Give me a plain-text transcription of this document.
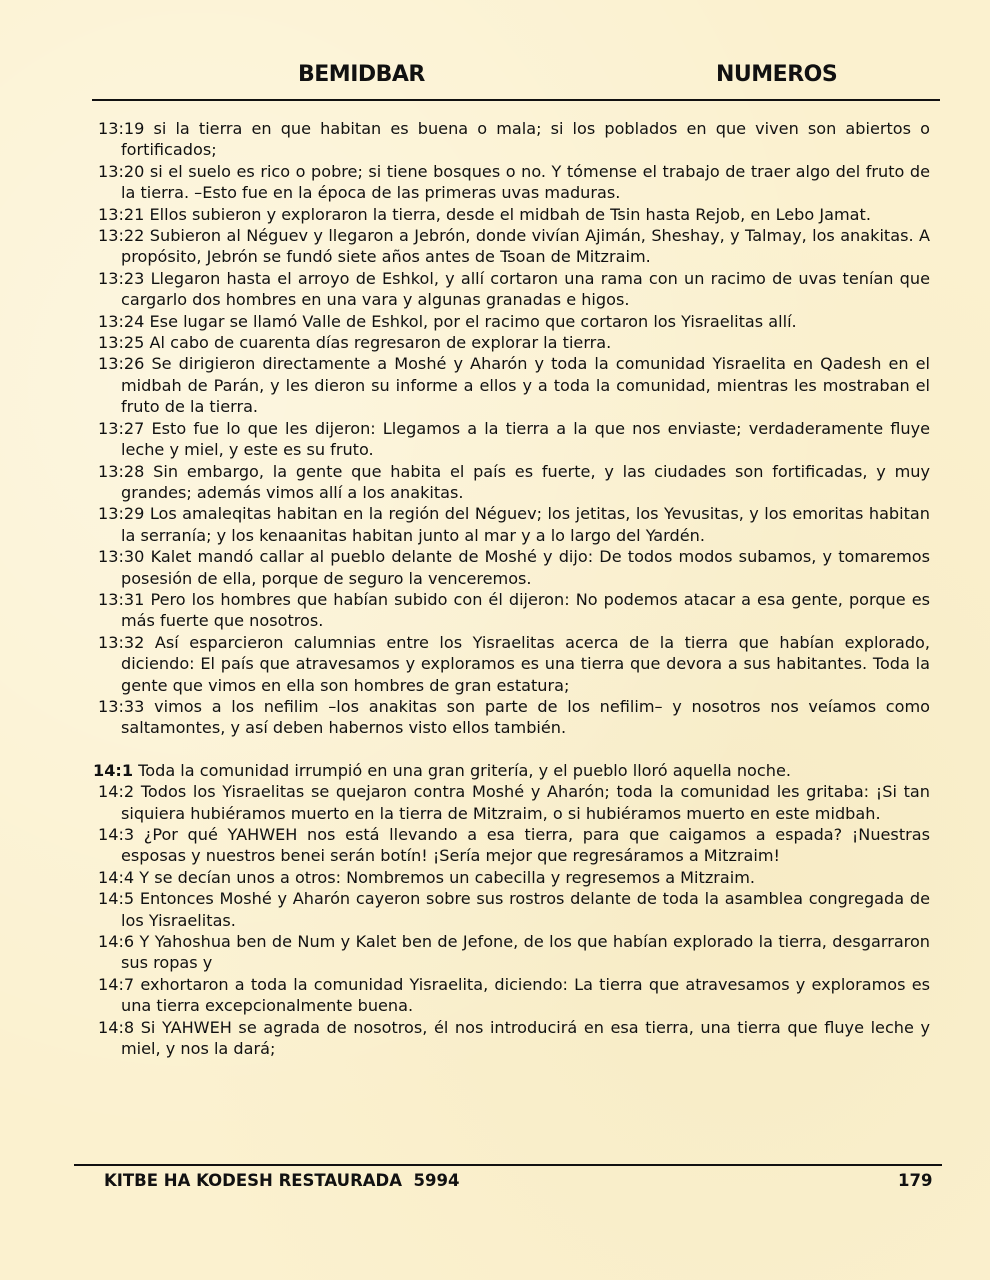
BEMIDBAR	NUMEROS

13:19 si la tierra en que habitan es buena o mala; si los poblados en que viven son abiertos o fortificados;

13:20 si el suelo es rico o pobre; si tiene bosques o no. Y tómense el trabajo de traer algo del fruto de la tierra. –Esto fue en la época de las primeras uvas maduras.

13:21 Ellos subieron y exploraron la tierra, desde el midbah de Tsin hasta Rejob, en Lebo Jamat.

13:22 Subieron al Néguev y llegaron a Jebrón, donde vivían Ajimán, Sheshay, y Talmay, los anakitas. A propósito, Jebrón se fundó siete años antes de Tsoan de Mitzraim.

13:23 Llegaron hasta el arroyo de Eshkol, y allí cortaron una rama con un racimo de uvas tenían que cargarlo dos hombres en una vara y algunas granadas e higos.

13:24 Ese lugar se llamó Valle de Eshkol, por el racimo que cortaron los Yisraelitas allí.

13:25 Al cabo de cuarenta días regresaron de explorar la tierra.

13:26 Se dirigieron directamente a Moshé y Aharón y toda la comunidad Yisraelita en Qadesh en el midbah de Parán, y les dieron su informe a ellos y a toda la comunidad, mientras les mostraban el fruto de la tierra.

13:27 Esto fue lo que les dijeron: Llegamos a la tierra a la que nos enviaste; verdaderamente fluye leche y miel, y este es su fruto.

13:28 Sin embargo, la gente que habita el país es fuerte, y las ciudades son fortificadas, y muy grandes; además vimos allí a los anakitas.

13:29 Los amaleqitas habitan en la región del Néguev; los jetitas, los Yevusitas, y los emoritas habitan la serranía; y los kenaanitas habitan junto al mar y a lo largo del Yardén.

13:30 Kalet mandó callar al pueblo delante de Moshé y dijo: De todos modos subamos, y tomaremos posesión de ella, porque de seguro la venceremos.

13:31 Pero los hombres que habían subido con él dijeron: No podemos atacar a esa gente, porque es más fuerte que nosotros.

13:32 Así esparcieron calumnias entre los Yisraelitas acerca de la tierra que habían explorado, diciendo: El país que atravesamos y exploramos es una tierra que devora a sus habitantes. Toda la gente que vimos en ella son hombres de gran estatura;

13:33 vimos a los nefilim –los anakitas son parte de los nefilim– y nosotros nos veíamos como saltamontes, y así deben habernos visto ellos también.

14:1 Toda la comunidad irrumpió en una gran gritería, y el pueblo lloró aquella noche.

14:2 Todos los Yisraelitas se quejaron contra Moshé y Aharón; toda la comunidad les gritaba: ¡Si tan siquiera hubiéramos muerto en la tierra de Mitzraim, o si hubiéramos muerto en este midbah.

14:3 ¿Por qué YAHWEH nos está llevando a esa tierra, para que caigamos a espada? ¡Nuestras esposas y nuestros benei serán botín! ¡Sería mejor que regresáramos a Mitzraim!

14:4 Y se decían unos a otros: Nombremos un cabecilla y regresemos a Mitzraim.

14:5 Entonces Moshé y Aharón cayeron sobre sus rostros delante de toda la asamblea congregada de los Yisraelitas.

14:6 Y Yahoshua ben de Num y Kalet ben de Jefone, de los que habían explorado la tierra, desgarraron sus ropas y

14:7 exhortaron a toda la comunidad Yisraelita, diciendo: La tierra que atravesamos y exploramos es una tierra excepcionalmente buena.

14:8 Si YAHWEH se agrada de nosotros, él nos introducirá en esa tierra, una tierra que fluye leche y miel, y nos la dará;

KITBE HA KODESH RESTAURADA  5994	179
